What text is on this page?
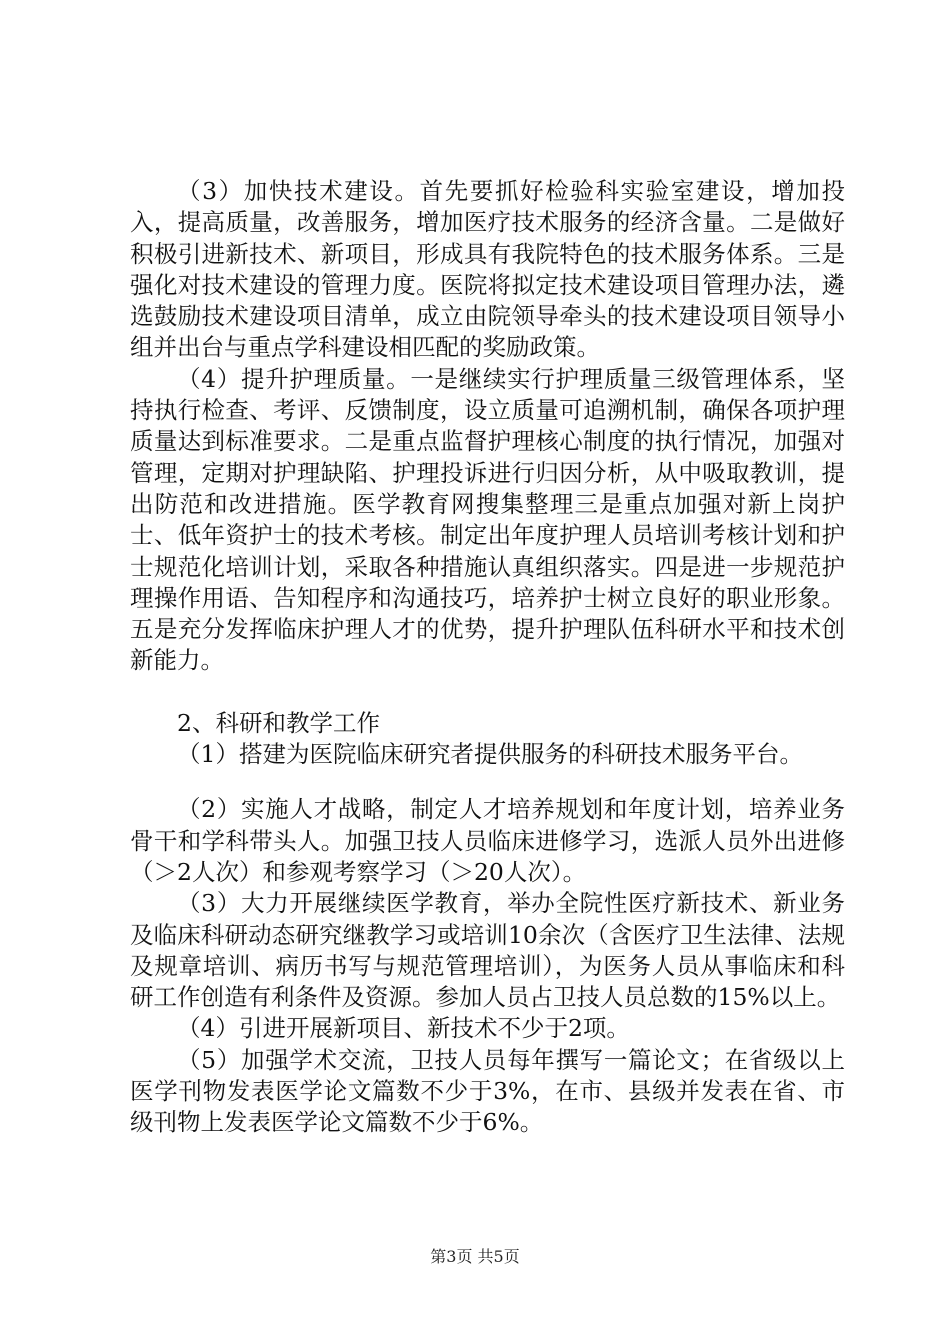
（3）加快技术建设。首先要抓好检验科实验室建设，增加投入，提高质量，改善服务，增加医疗技术服务的经济含量。二是做好积极引进新技术、新项目，形成具有我院特色的技术服务体系。三是强化对技术建设的管理力度。医院将拟定技术建设项目管理办法，遴选鼓励技术建设项目清单，成立由院领导牵头的技术建设项目领导小组并出台与重点学科建设相匹配的奖励政策。

（4）提升护理质量。一是继续实行护理质量三级管理体系，坚持执行检查、考评、反馈制度，设立质量可追溯机制，确保各项护理质量达到标准要求。二是重点监督护理核心制度的执行情况，加强对管理，定期对护理缺陷、护理投诉进行归因分析，从中吸取教训，提出防范和改进措施。医学教育网搜集整理三是重点加强对新上岗护士、低年资护士的技术考核。制定出年度护理人员培训考核计划和护士规范化培训计划，采取各种措施认真组织落实。四是进一步规范护理操作用语、告知程序和沟通技巧，培养护士树立良好的职业形象。五是充分发挥临床护理人才的优势，提升护理队伍科研水平和技术创新能力。

2、科研和教学工作

（1）搭建为医院临床研究者提供服务的科研技术服务平台。

（2）实施人才战略，制定人才培养规划和年度计划，培养业务骨干和学科带头人。加强卫技人员临床进修学习，选派人员外出进修（＞2人次）和参观考察学习（＞20人次）。

（3）大力开展继续医学教育，举办全院性医疗新技术、新业务及临床科研动态研究继教学习或培训10余次（含医疗卫生法律、法规及规章培训、病历书写与规范管理培训），为医务人员从事临床和科研工作创造有利条件及资源。参加人员占卫技人员总数的15%以上。

（4）引进开展新项目、新技术不少于2项。

（5）加强学术交流，卫技人员每年撰写一篇论文；在省级以上医学刊物发表医学论文篇数不少于3%，在市、县级并发表在省、市级刊物上发表医学论文篇数不少于6%。

第3页 共5页
